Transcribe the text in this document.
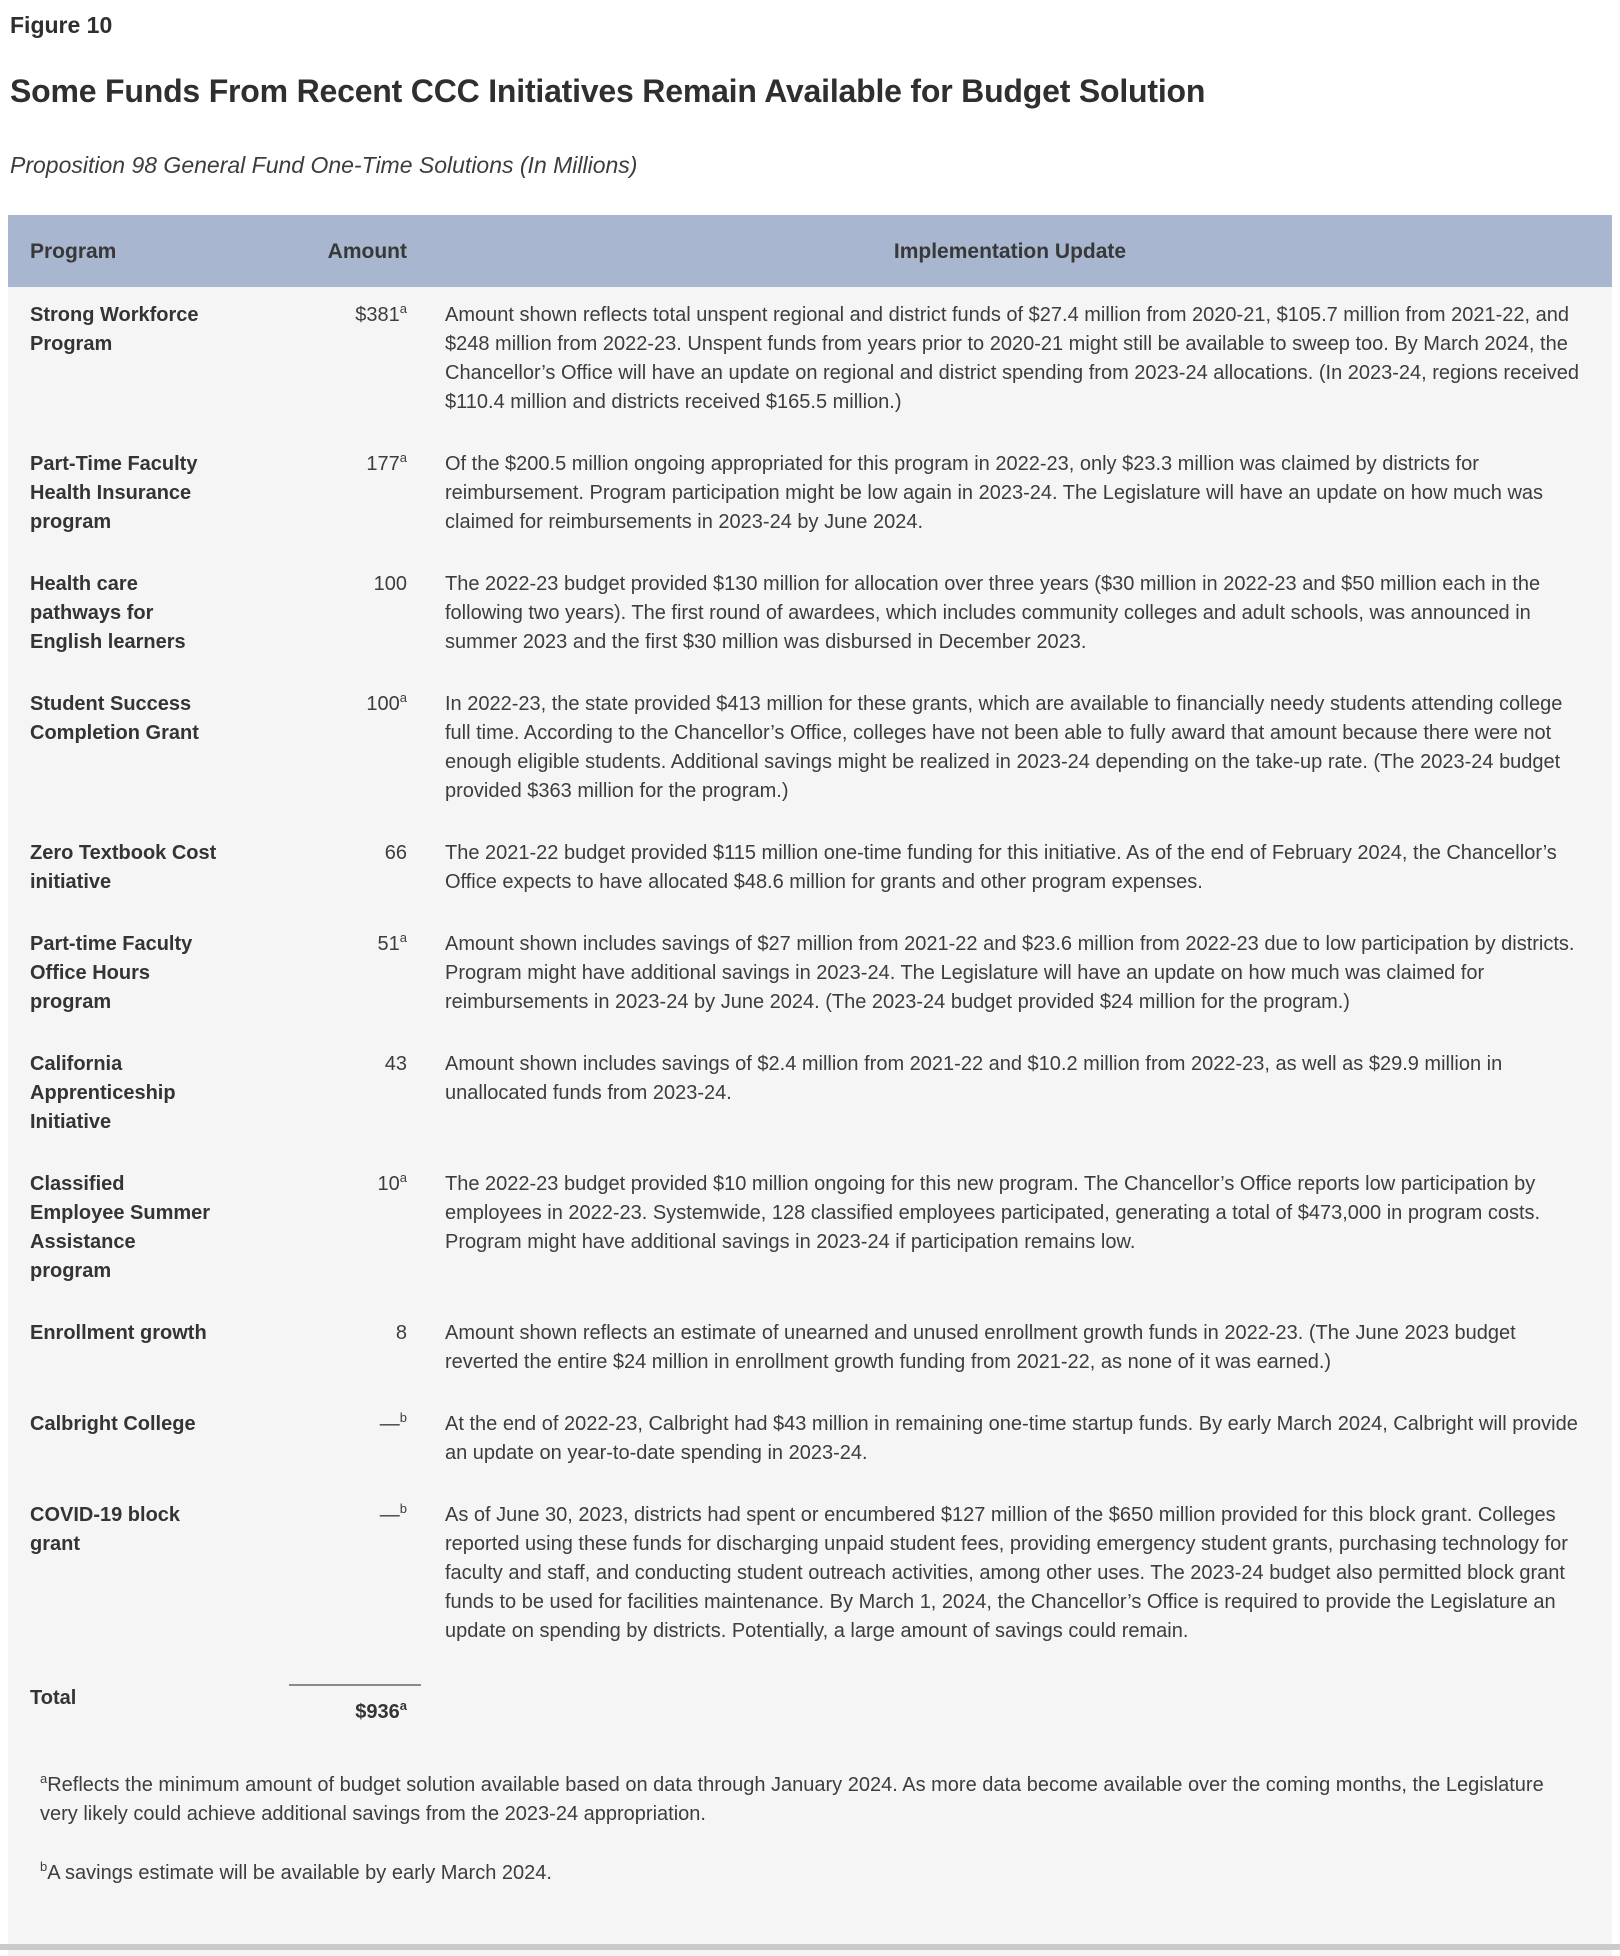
Figure 10
Some Funds From Recent CCC Initiatives Remain Available for Budget Solution
Proposition 98 General Fund One-Time Solutions (In Millions)
Program	Amount	Implementation Update
Strong Workforce Program	$381$^a$	Amount shown reflects total unspent regional and district funds of $27.4 million from 2020-21, $105.7 million from 2021-22, and $248 million from 2022-23. Unspent funds from years prior to 2020-21 might still be available to sweep too. By March 2024, the Chancellor’s Office will have an update on regional and district spending from 2023-24 allocations. (In 2023-24, regions received $110.4 million and districts received $165.5 million.)
Part-Time Faculty Health Insurance program	177$^a$	Of the $200.5 million ongoing appropriated for this program in 2022-23, only $23.3 million was claimed by districts for reimbursement. Program participation might be low again in 2023-24. The Legislature will have an update on how much was claimed for reimbursements in 2023-24 by June 2024.
Health care pathways for English learners	100	The 2022-23 budget provided $130 million for allocation over three years ($30 million in 2022-23 and $50 million each in the following two years). The first round of awardees, which includes community colleges and adult schools, was announced in summer 2023 and the first $30 million was disbursed in December 2023.
Student Success Completion Grant	100$^a$	In 2022-23, the state provided $413 million for these grants, which are available to financially needy students attending college full time. According to the Chancellor’s Office, colleges have not been able to fully award that amount because there were not enough eligible students. Additional savings might be realized in 2023-24 depending on the take-up rate. (The 2023-24 budget provided $363 million for the program.)
Zero Textbook Cost initiative	66	The 2021-22 budget provided $115 million one-time funding for this initiative. As of the end of February 2024, the Chancellor’s Office expects to have allocated $48.6 million for grants and other program expenses.
Part-time Faculty Office Hours program	51$^a$	Amount shown includes savings of $27 million from 2021-22 and $23.6 million from 2022-23 due to low participation by districts. Program might have additional savings in 2023-24. The Legislature will have an update on how much was claimed for reimbursements in 2023-24 by June 2024. (The 2023-24 budget provided $24 million for the program.)
California Apprenticeship Initiative	43	Amount shown includes savings of $2.4 million from 2021-22 and $10.2 million from 2022-23, as well as $29.9 million in unallocated funds from 2023-24.
Classified Employee Summer Assistance program	10$^a$	The 2022-23 budget provided $10 million ongoing for this new program. The Chancellor’s Office reports low participation by employees in 2022-23. Systemwide, 128 classified employees participated, generating a total of $473,000 in program costs. Program might have additional savings in 2023-24 if participation remains low.
Enrollment growth	8	Amount shown reflects an estimate of unearned and unused enrollment growth funds in 2022-23. (The June 2023 budget reverted the entire $24 million in enrollment growth funding from 2021-22, as none of it was earned.)
Calbright College	—$^b$	At the end of 2022-23, Calbright had $43 million in remaining one-time startup funds. By early March 2024, Calbright will provide an update on year-to-date spending in 2023-24.
COVID-19 block grant	—$^b$	As of June 30, 2023, districts had spent or encumbered $127 million of the $650 million provided for this block grant. Colleges reported using these funds for discharging unpaid student fees, providing emergency student grants, purchasing technology for faculty and staff, and conducting student outreach activities, among other uses. The 2023-24 budget also permitted block grant funds to be used for facilities maintenance. By March 1, 2024, the Chancellor’s Office is required to provide the Legislature an update on spending by districts. Potentially, a large amount of savings could remain.
Total	$936$^a$	

$^a$Reflects the minimum amount of budget solution available based on data through January 2024. As more data become available over the coming months, the Legislature very likely could achieve additional savings from the 2023-24 appropriation.

$^b$A savings estimate will be available by early March 2024.
